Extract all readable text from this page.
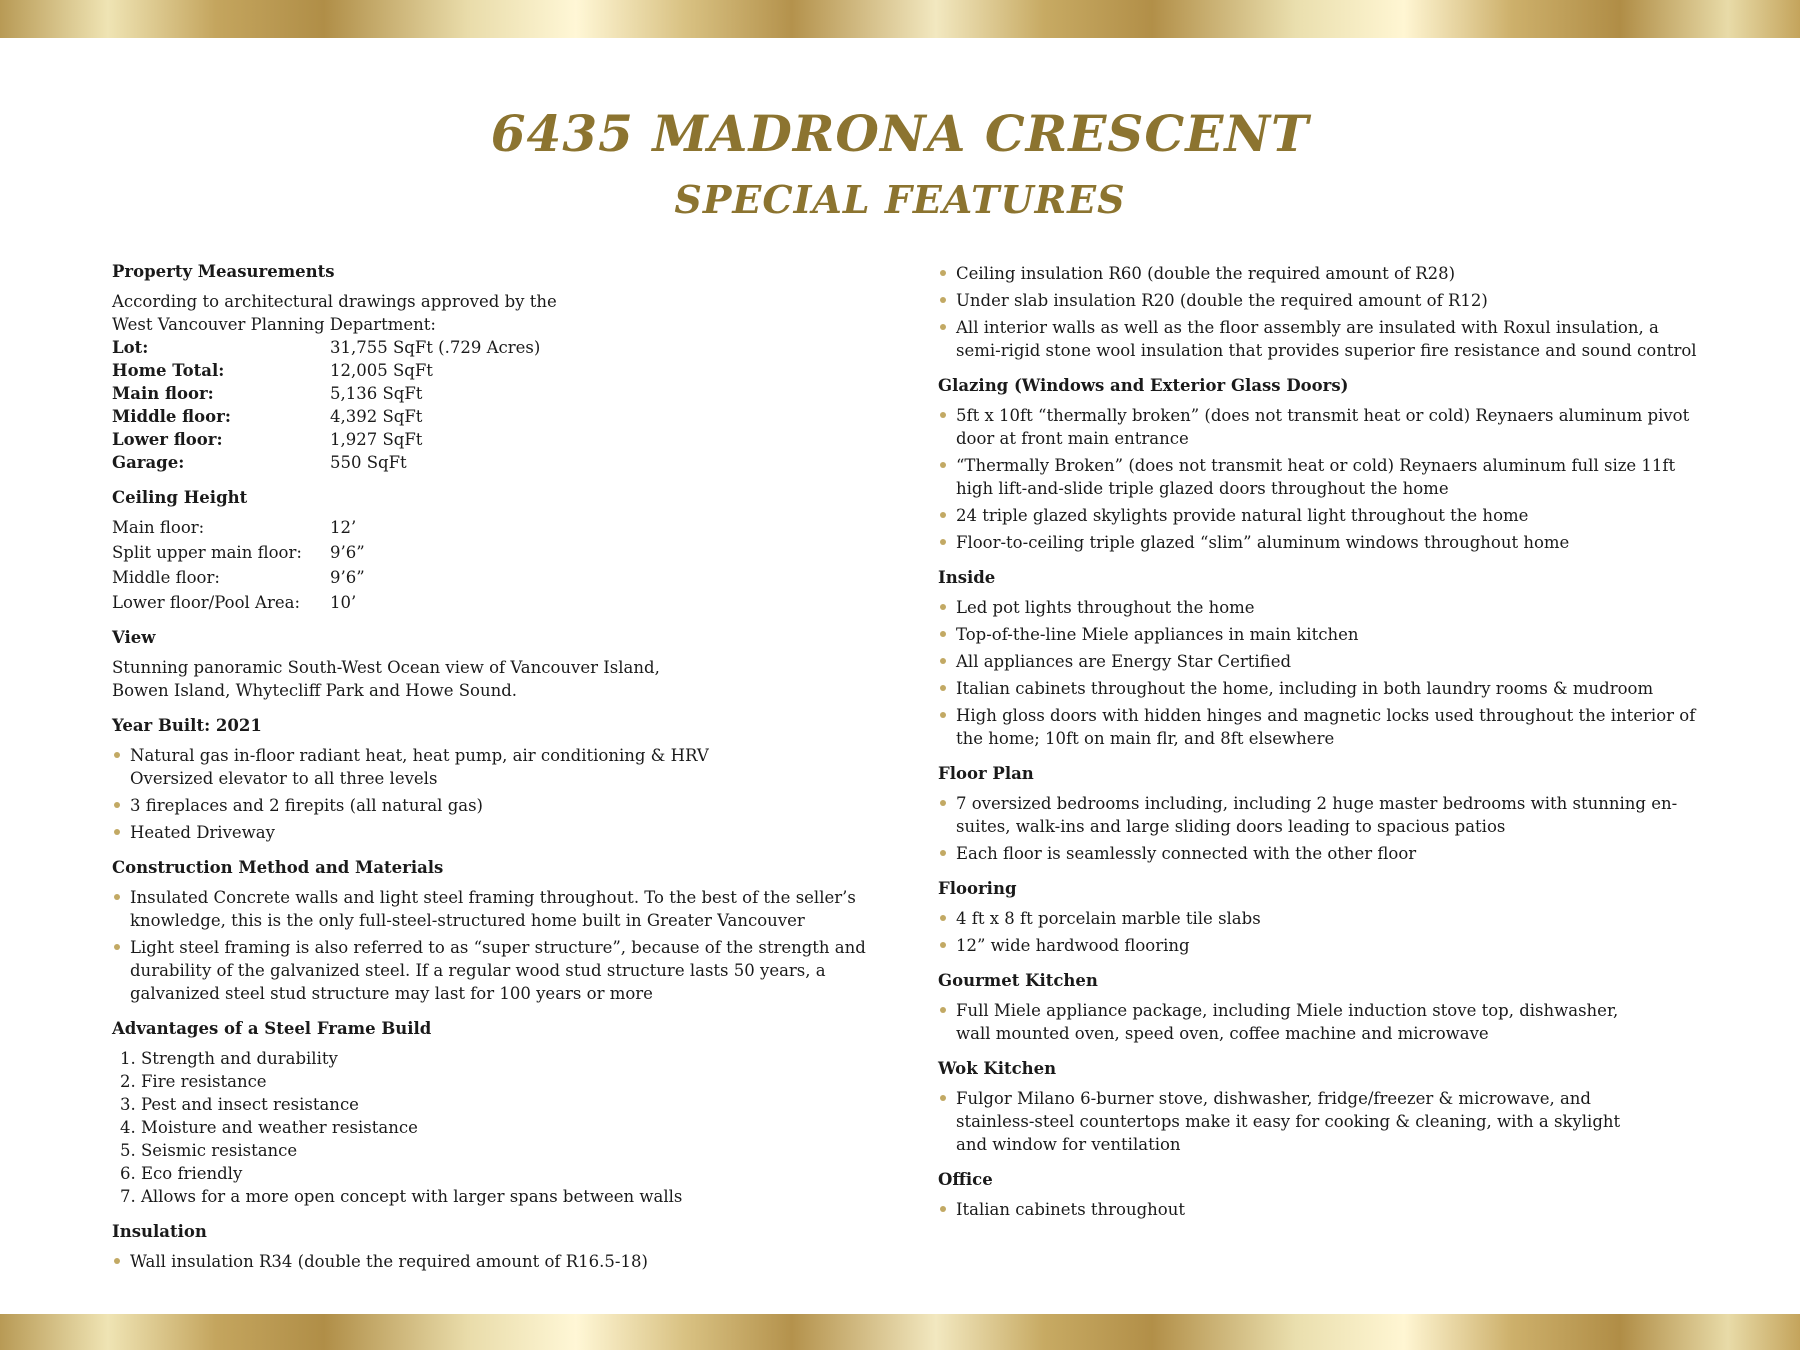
6435 MADRONA CRESCENT
SPECIAL FEATURES
Property Measurements

According to architectural drawings approved by the West Vancouver Planning Department:

Lot:	31,755 SqFt (.729 Acres)
Home Total:	12,005 SqFt
Main floor:	5,136 SqFt
Middle floor:	4,392 SqFt
Lower floor:	1,927 SqFt
Garage:	550 SqFt
Ceiling Height
Main floor:	12’
Split upper main floor:	9’6”
Middle floor:	9’6”
Lower floor/Pool Area:	10’
View

Stunning panoramic South-West Ocean view of Vancouver Island, Bowen Island, Whytecliff Park and Howe Sound.

Year Built: 2021
Natural gas in-floor radiant heat, heat pump, air conditioning & HRV Oversized elevator to all three levels
3 fireplaces and 2 firepits (all natural gas)
Heated Driveway
Construction Method and Materials
Insulated Concrete walls and light steel framing throughout. To the best of the seller’s knowledge, this is the only full-steel-structured home built in Greater Vancouver
Light steel framing is also referred to as “super structure”, because of the strength and durability of the galvanized steel. If a regular wood stud structure lasts 50 years, a galvanized steel stud structure may last for 100 years or more
Advantages of a Steel Frame Build
1. Strength and durability
2. Fire resistance
3. Pest and insect resistance
4. Moisture and weather resistance
5. Seismic resistance
6. Eco friendly
7. Allows for a more open concept with larger spans between walls
Insulation
Wall insulation R34 (double the required amount of R16.5-18)
Ceiling insulation R60 (double the required amount of R28)
Under slab insulation R20 (double the required amount of R12)
All interior walls as well as the floor assembly are insulated with Roxul insulation, a semi-rigid stone wool insulation that provides superior fire resistance and sound control
Glazing (Windows and Exterior Glass Doors)
5ft x 10ft “thermally broken” (does not transmit heat or cold) Reynaers aluminum pivot door at front main entrance
“Thermally Broken” (does not transmit heat or cold) Reynaers aluminum full size 11ft high lift-and-slide triple glazed doors throughout the home
24 triple glazed skylights provide natural light throughout the home
Floor-to-ceiling triple glazed “slim” aluminum windows throughout home
Inside
Led pot lights throughout the home
Top-of-the-line Miele appliances in main kitchen
All appliances are Energy Star Certified
Italian cabinets throughout the home, including in both laundry rooms & mudroom
High gloss doors with hidden hinges and magnetic locks used throughout the interior of the home; 10ft on main flr, and 8ft elsewhere
Floor Plan
7 oversized bedrooms including, including 2 huge master bedrooms with stunning en-suites, walk-ins and large sliding doors leading to spacious patios
Each floor is seamlessly connected with the other floor
Flooring
4 ft x 8 ft porcelain marble tile slabs
12” wide hardwood flooring
Gourmet Kitchen
Full Miele appliance package, including Miele induction stove top, dishwasher, wall mounted oven, speed oven, coffee machine and microwave
Wok Kitchen
Fulgor Milano 6-burner stove, dishwasher, fridge/freezer & microwave, and stainless-steel countertops make it easy for cooking & cleaning, with a skylight and window for ventilation
Office
Italian cabinets throughout
